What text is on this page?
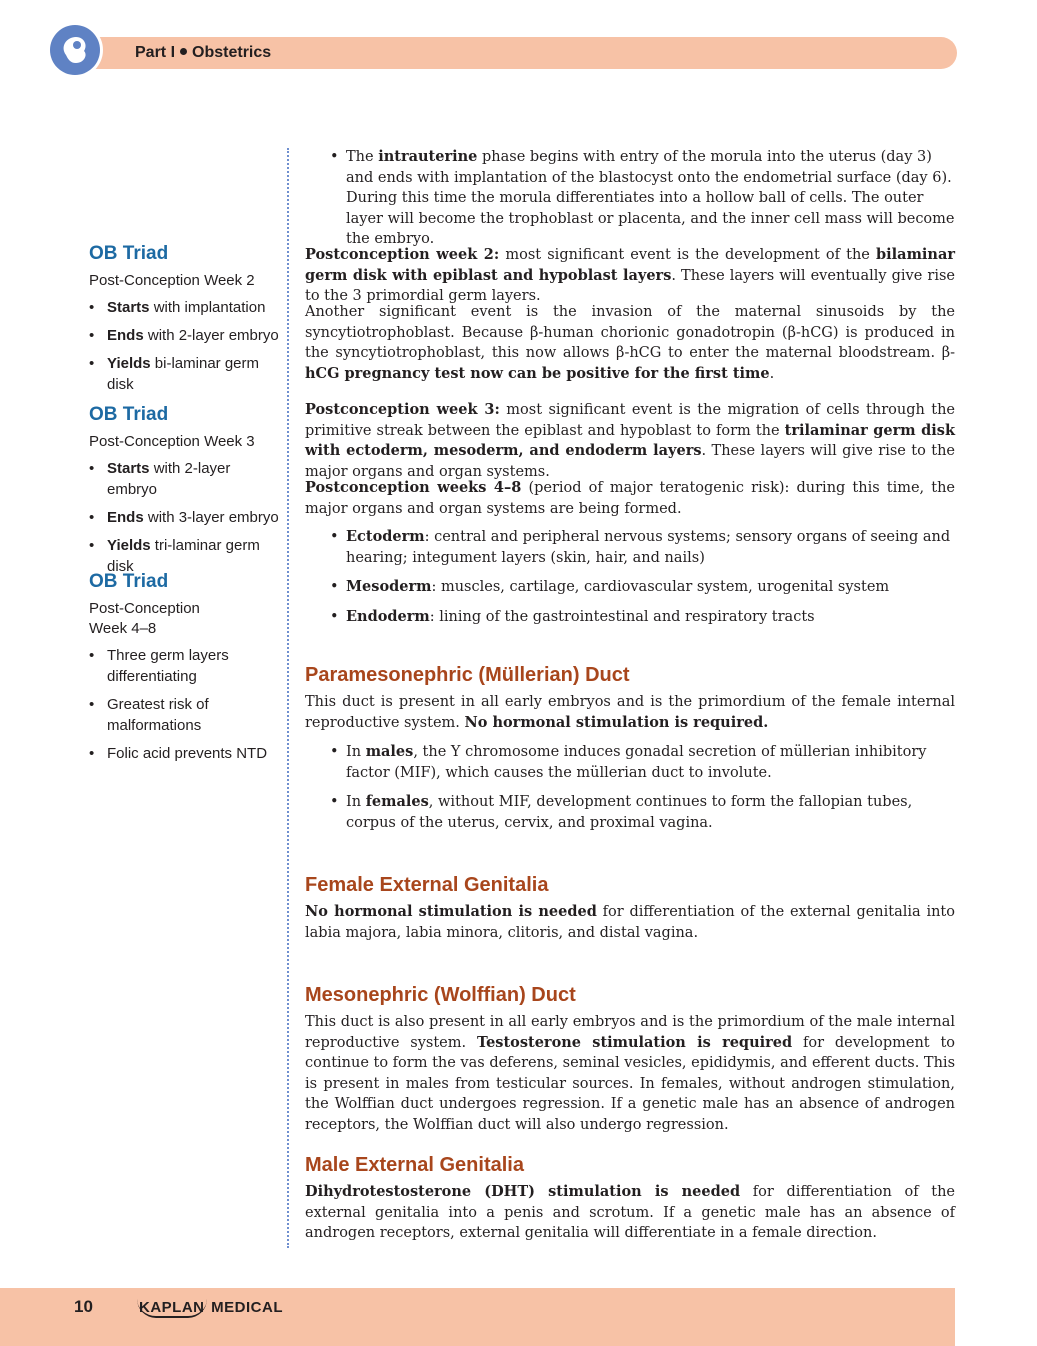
Part I Obstetrics
OB Triad
Post-Conception Week 2
• Starts with implantation
• Ends with 2-layer embryo
• Yields bi-laminar germ disk
OB Triad
Post-Conception Week 3
• Starts with 2-layer embryo
• Ends with 3-layer embryo
• Yields tri-laminar germ disk
OB Triad
Post-Conception
Week 4–8
• Three germ layers differentiating
• Greatest risk of malformations
• Folic acid prevents NTD
• The intrauterine phase begins with entry of the morula into the uterus (day 3) and ends with implantation of the blastocyst onto the endometrial surface (day 6). During this time the morula differentiates into a hollow ball of cells. The outer layer will become the trophoblast or placenta, and the inner cell mass will become the embryo.

Postconception week 2: most significant event is the development of the bilaminar germ disk with epiblast and hypoblast layers. These layers will eventually give rise to the 3 primordial germ layers.

Another significant event is the invasion of the maternal sinusoids by the syncytiotrophoblast. Because β-human chorionic gonadotropin (β-hCG) is produced in the syncytiotrophoblast, this now allows β-hCG to enter the maternal bloodstream. β-hCG pregnancy test now can be positive for the first time.

Postconception week 3: most significant event is the migration of cells through the primitive streak between the epiblast and hypoblast to form the trilaminar germ disk with ectoderm, mesoderm, and endoderm layers. These layers will give rise to the major organs and organ systems.

Postconception weeks 4–8 (period of major teratogenic risk): during this time, the major organs and organ systems are being formed.

• Ectoderm: central and peripheral nervous systems; sensory organs of seeing and hearing; integument layers (skin, hair, and nails)
• Mesoderm: muscles, cartilage, cardiovascular system, urogenital system
• Endoderm: lining of the gastrointestinal and respiratory tracts
Paramesonephric (Müllerian) Duct

This duct is present in all early embryos and is the primordium of the female internal reproductive system. No hormonal stimulation is required.

• In males, the Y chromosome induces gonadal secretion of müllerian inhibitory factor (MIF), which causes the müllerian duct to involute.
• In females, without MIF, development continues to form the fallopian tubes, corpus of the uterus, cervix, and proximal vagina.
Female External Genitalia

No hormonal stimulation is needed for differentiation of the external genitalia into labia majora, labia minora, clitoris, and distal vagina.

Mesonephric (Wolffian) Duct

This duct is also present in all early embryos and is the primordium of the male internal reproductive system. Testosterone stimulation is required for development to continue to form the vas deferens, seminal vesicles, epididymis, and efferent ducts. This is present in males from testicular sources. In females, without androgen stimulation, the Wolffian duct undergoes regression. If a genetic male has an absence of androgen receptors, the Wolffian duct will also undergo regression.

Male External Genitalia

Dihydrotestosterone (DHT) stimulation is needed for differentiation of the external genitalia into a penis and scrotum. If a genetic male has an absence of androgen receptors, external genitalia will differentiate in a female direction.

10	KAPLAN MEDICAL
